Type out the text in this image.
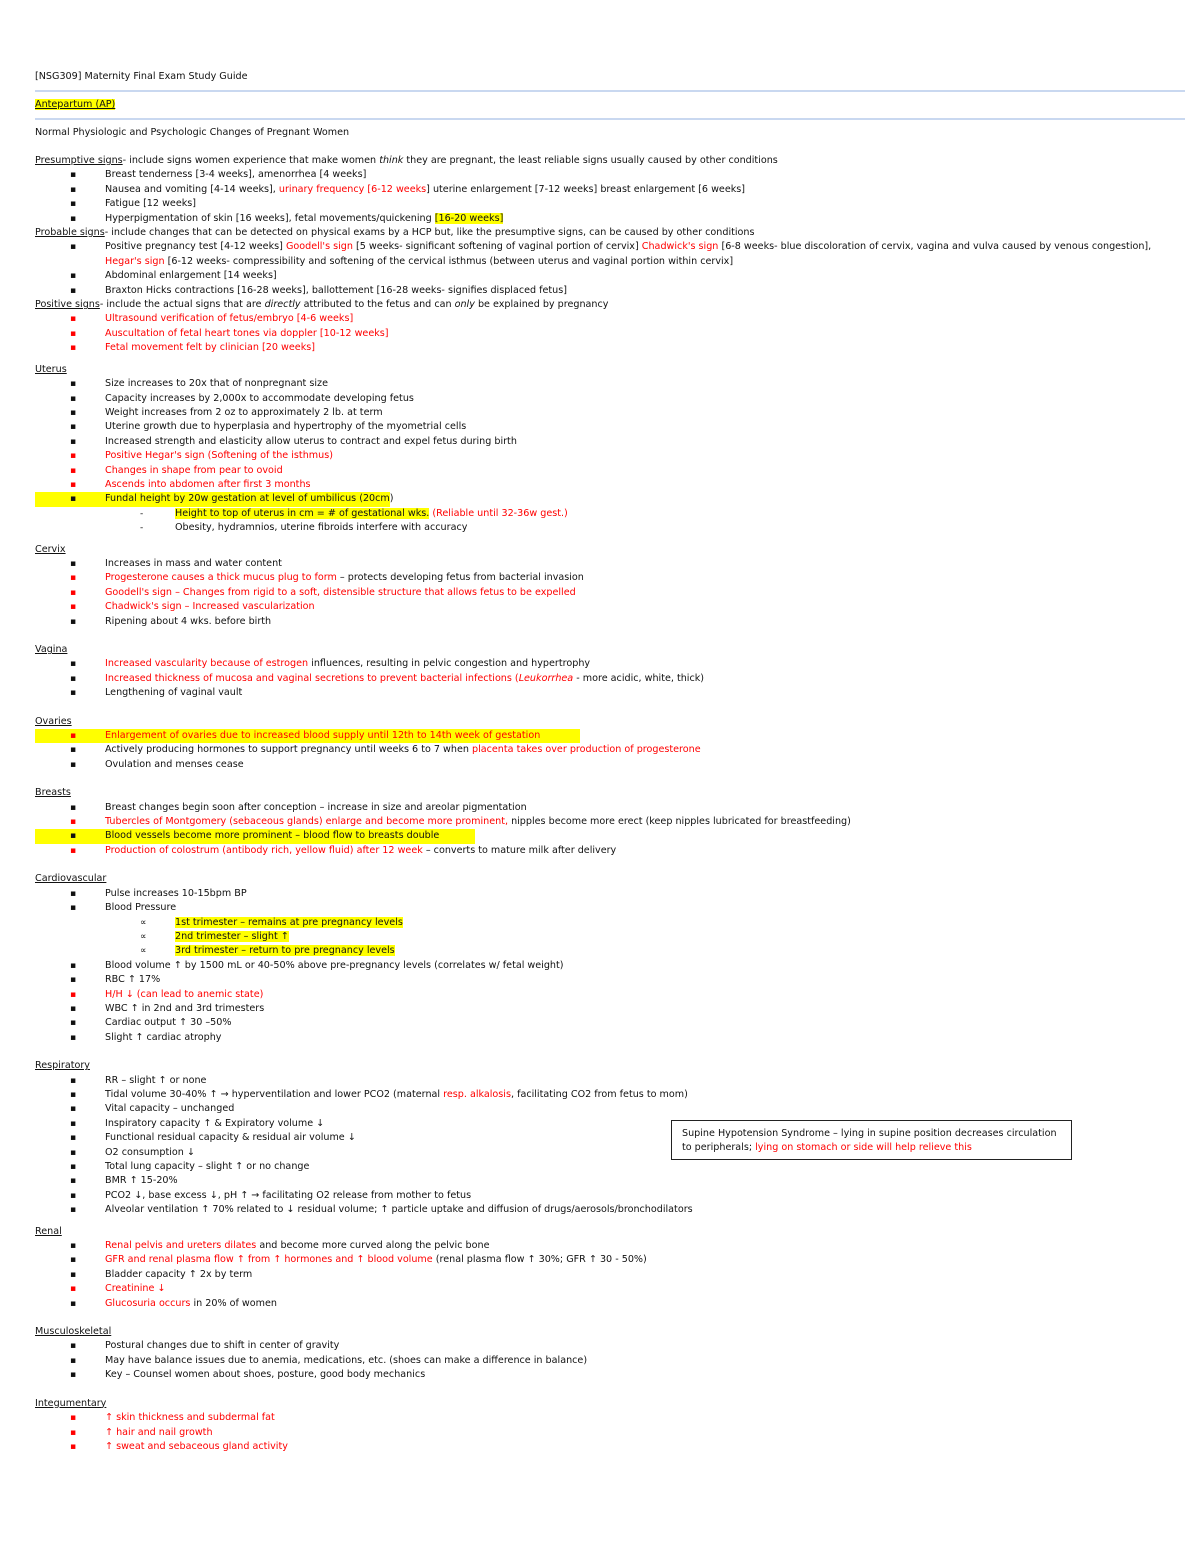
[NSG309] Maternity Final Exam Study Guide
Antepartum (AP)
Normal Physiologic and Psychologic Changes of Pregnant Women
Presumptive signs- include signs women experience that make women think they are pregnant, the least reliable signs usually caused by other conditions
▪ Breast tenderness [3-4 weeks], amenorrhea [4 weeks]
▪ Nausea and vomiting [4-14 weeks], urinary frequency [6-12 weeks] uterine enlargement [7-12 weeks] breast enlargement [6 weeks]
▪ Fatigue [12 weeks]
▪ Hyperpigmentation of skin [16 weeks], fetal movements/quickening [16-20 weeks]
Probable signs- include changes that can be detected on physical exams by a HCP but, like the presumptive signs, can be caused by other conditions
▪ Positive pregnancy test [4-12 weeks] Goodell's sign [5 weeks- significant softening of vaginal portion of cervix] Chadwick's sign [6-8 weeks- blue discoloration of cervix, vagina and vulva caused by venous congestion], Hegar's sign [6-12 weeks- compressibility and softening of the cervical isthmus (between uterus and vaginal portion within cervix]
▪ Abdominal enlargement [14 weeks]
▪ Braxton Hicks contractions [16-28 weeks], ballottement [16-28 weeks- signifies displaced fetus]
Positive signs- include the actual signs that are directly attributed to the fetus and can only be explained by pregnancy
▪ Ultrasound verification of fetus/embryo [4-6 weeks]
▪ Auscultation of fetal heart tones via doppler [10-12 weeks]
▪ Fetal movement felt by clinician [20 weeks]
Uterus
▪ Size increases to 20x that of nonpregnant size
▪ Capacity increases by 2,000x to accommodate developing fetus
▪ Weight increases from 2 oz to approximately 2 lb. at term
▪ Uterine growth due to hyperplasia and hypertrophy of the myometrial cells
▪ Increased strength and elasticity allow uterus to contract and expel fetus during birth
▪ Positive Hegar's sign (Softening of the isthmus)
▪ Changes in shape from pear to ovoid
▪ Ascends into abdomen after first 3 months
▪ Fundal height by 20w gestation at level of umbilicus (20cm)
- Height to top of uterus in cm = # of gestational wks. (Reliable until 32-36w gest.)
- Obesity, hydramnios, uterine fibroids interfere with accuracy
Cervix
▪ Increases in mass and water content
▪ Progesterone causes a thick mucus plug to form – protects developing fetus from bacterial invasion
▪ Goodell's sign – Changes from rigid to a soft, distensible structure that allows fetus to be expelled
▪ Chadwick's sign – Increased vascularization
▪ Ripening about 4 wks. before birth
Vagina
▪ Increased vascularity because of estrogen influences, resulting in pelvic congestion and hypertrophy
▪ Increased thickness of mucosa and vaginal secretions to prevent bacterial infections (Leukorrhea - more acidic, white, thick)
▪ Lengthening of vaginal vault
Ovaries
▪ Enlargement of ovaries due to increased blood supply until 12th to 14th week of gestation
▪ Actively producing hormones to support pregnancy until weeks 6 to 7 when placenta takes over production of progesterone
▪ Ovulation and menses cease
Breasts
▪ Breast changes begin soon after conception – increase in size and areolar pigmentation
▪ Tubercles of Montgomery (sebaceous glands) enlarge and become more prominent, nipples become more erect (keep nipples lubricated for breastfeeding)
▪ Blood vessels become more prominent – blood flow to breasts double
▪ Production of colostrum (antibody rich, yellow fluid) after 12 week – converts to mature milk after delivery
Cardiovascular
▪ Pulse increases 10-15bpm BP
▪ Blood Pressure
∝ 1st trimester – remains at pre pregnancy levels
∝ 2nd trimester – slight ↑
∝ 3rd trimester – return to pre pregnancy levels
▪ Blood volume ↑ by 1500 mL or 40-50% above pre-pregnancy levels (correlates w/ fetal weight)
▪ RBC ↑ 17%
▪ H/H ↓ (can lead to anemic state)
▪ WBC ↑ in 2nd and 3rd trimesters
▪ Cardiac output ↑ 30 –50%
▪ Slight ↑ cardiac atrophy
Respiratory
▪ RR – slight ↑ or none
▪ Tidal volume 30-40% ↑ → hyperventilation and lower PCO2 (maternal resp. alkalosis, facilitating CO2 from fetus to mom)
▪ Vital capacity – unchanged
▪ Inspiratory capacity ↑ & Expiratory volume ↓
▪ Functional residual capacity & residual air volume ↓
▪ O2 consumption ↓
▪ Total lung capacity – slight ↑ or no change
▪ BMR ↑ 15-20%
▪ PCO2 ↓, base excess ↓, pH ↑ → facilitating O2 release from mother to fetus
▪ Alveolar ventilation ↑ 70% related to ↓ residual volume; ↑ particle uptake and diffusion of drugs/aerosols/bronchodilators
Renal
▪ Renal pelvis and ureters dilates and become more curved along the pelvic bone
▪ GFR and renal plasma flow ↑ from ↑ hormones and ↑ blood volume (renal plasma flow ↑ 30%; GFR ↑ 30 - 50%)
▪ Bladder capacity ↑ 2x by term
▪ Creatinine ↓
▪ Glucosuria occurs in 20% of women
Musculoskeletal
▪ Postural changes due to shift in center of gravity
▪ May have balance issues due to anemia, medications, etc. (shoes can make a difference in balance)
▪ Key – Counsel women about shoes, posture, good body mechanics
Integumentary
▪ ↑ skin thickness and subdermal fat
▪ ↑ hair and nail growth
▪ ↑ sweat and sebaceous gland activity
Supine Hypotension Syndrome – lying in supine position decreases circulation to peripherals; lying on stomach or side will help relieve this
